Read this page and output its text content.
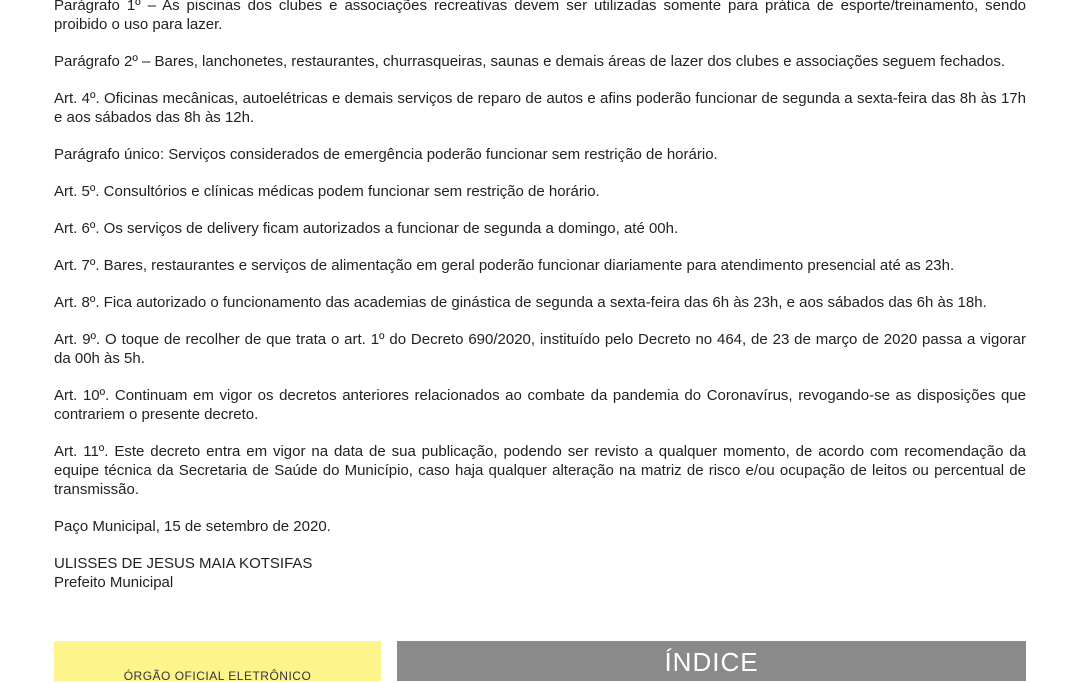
Parágrafo 1º – As piscinas dos clubes e associações recreativas devem ser utilizadas somente para prática de esporte/treinamento, sendo proibido o uso para lazer.

Parágrafo 2º – Bares, lanchonetes, restaurantes, churrasqueiras, saunas e demais áreas de lazer dos clubes e associações seguem fechados.

Art. 4º. Oficinas mecânicas, autoelétricas e demais serviços de reparo de autos e afins poderão funcionar de segunda a sexta-feira das 8h às 17h e aos sábados das 8h às 12h.

Parágrafo único: Serviços considerados de emergência poderão funcionar sem restrição de horário.

Art. 5º. Consultórios e clínicas médicas podem funcionar sem restrição de horário.

Art. 6º. Os serviços de delivery ficam autorizados a funcionar de segunda a domingo, até 00h.

Art. 7º. Bares, restaurantes e serviços de alimentação em geral poderão funcionar diariamente para atendimento presencial até as 23h.

Art. 8º. Fica autorizado o funcionamento das academias de ginástica de segunda a sexta-feira das 6h às 23h, e aos sábados das 6h às 18h.

Art. 9º. O toque de recolher de que trata o art. 1º do Decreto 690/2020, instituído pelo Decreto no 464, de 23 de março de 2020 passa a vigorar da 00h às 5h.

Art. 10º. Continuam em vigor os decretos anteriores relacionados ao combate da pandemia do Coronavírus, revogando-se as disposições que contrariem o presente decreto.

Art. 11º. Este decreto entra em vigor na data de sua publicação, podendo ser revisto a qualquer momento, de acordo com recomendação da equipe técnica da Secretaria de Saúde do Município, caso haja qualquer alteração na matriz de risco e/ou ocupação de leitos ou percentual de transmissão.

Paço Municipal, 15 de setembro de 2020.

ULISSES DE JESUS MAIA KOTSIFAS

Prefeito Municipal

ÓRGÃO OFICIAL ELETRÔNICO	ÍNDICE
